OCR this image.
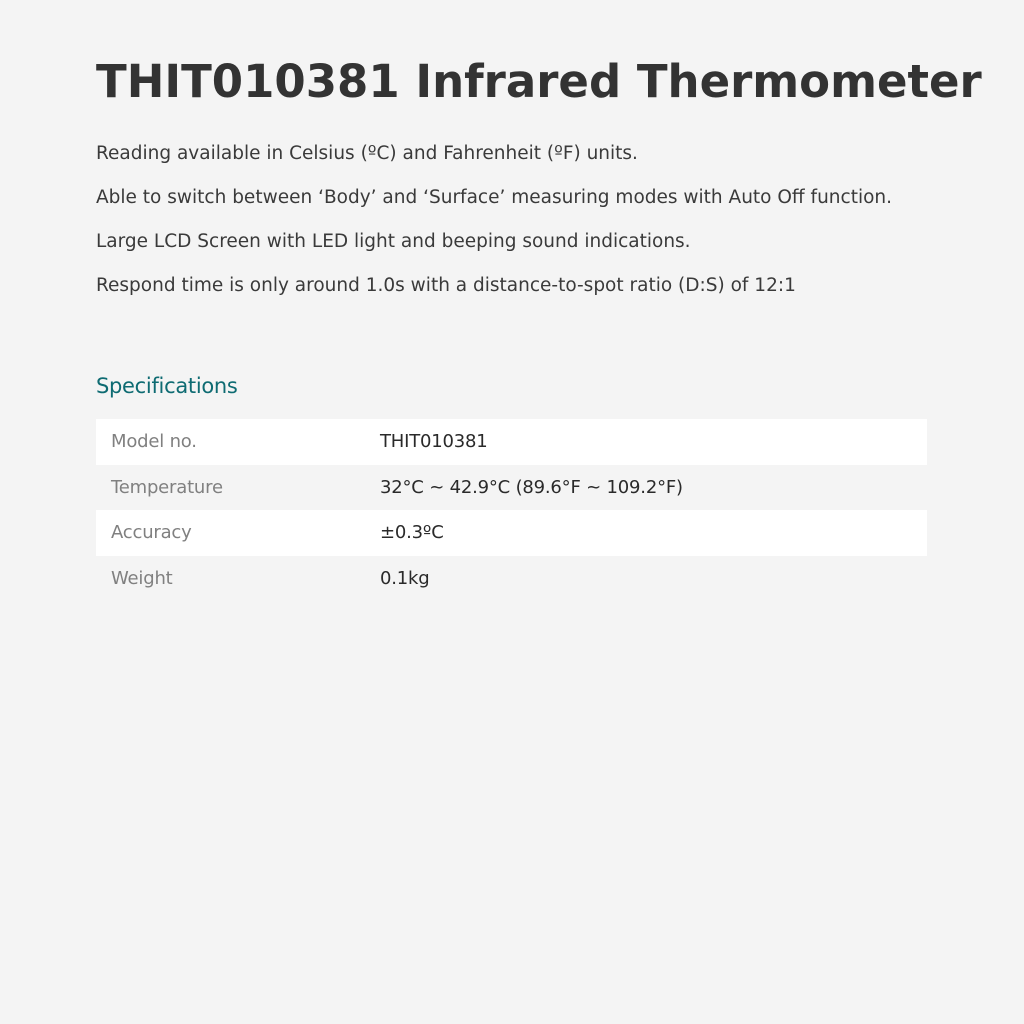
THIT010381 Infrared Thermometer
Reading available in Celsius (ºC) and Fahrenheit (ºF) units.
Able to switch between ‘Body’ and ‘Surface’ measuring modes with Auto Off function.
Large LCD Screen with LED light and beeping sound indications.
Respond time is only around 1.0s with a distance-to-spot ratio (D:S) of 12:1
Specifications
Model no.	THIT010381
Temperature	32°C ~ 42.9°C (89.6°F ~ 109.2°F)
Accuracy	±0.3ºC
Weight	0.1kg
